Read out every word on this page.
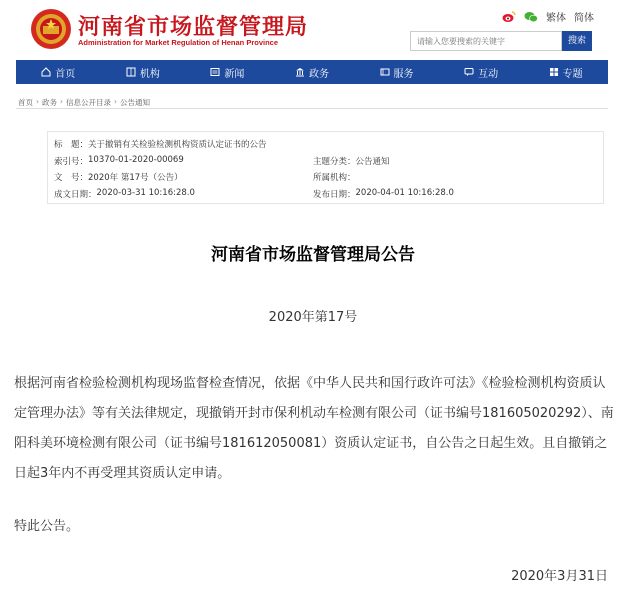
河南省市场监督管理局
Administration for Market Regulation of Henan Province
繁体 简体
请输入您要搜索的关键字
搜索
首页	机构	新闻	政务	服务	互动	专题
首页 › 政务 › 信息公开目录 › 公告通知
标　题： 关于撤销有关检验检测机构资质认定证书的公告
索引号： 10370-01-2020-00069	主题分类： 公告通知
文　号： 2020年 第17号（公告）	所属机构：
成文日期： 2020-03-31 10:16:28.0	发布日期： 2020-04-01 10:16:28.0
河南省市场监督管理局公告
2020年第17号
根据河南省检验检测机构现场监督检查情况，依据《中华人民共和国行政许可法》《检验检测机构资质认定管理办法》等有关法律规定，现撤销开封市保利机动车检测有限公司（证书编号181605020292）、南阳科美环境检测有限公司（证书编号181612050081）资质认定证书，自公告之日起生效。且自撤销之日起3年内不再受理其资质认定申请。
特此公告。
2020年3月31日
